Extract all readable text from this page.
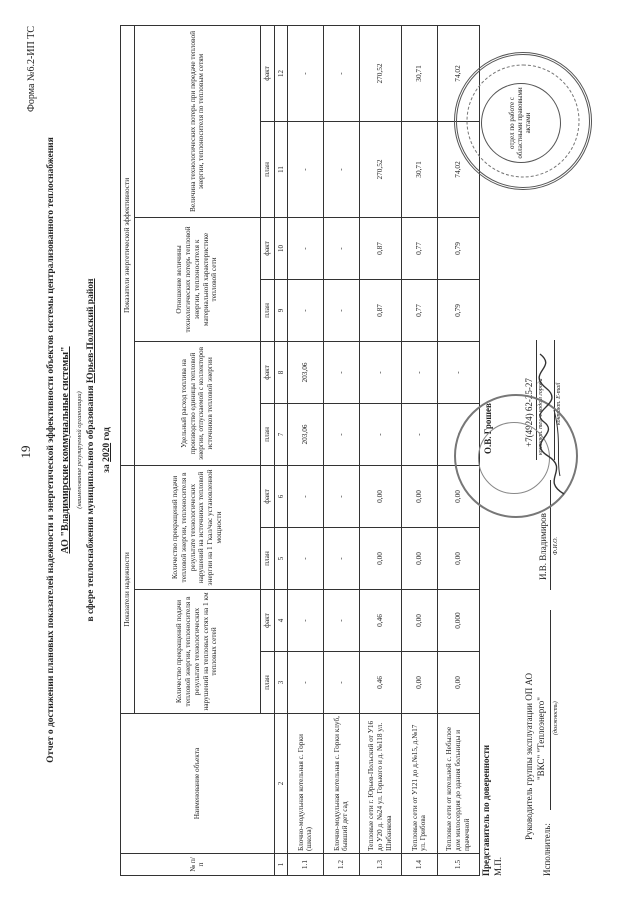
19
Форма №6.2-ИП ТС
Отчет о достижении плановых показателей надежности и энергетической эффективности объектов системы централизованного теплоснабжения АО "Владимирские коммунальные системы" (наименование регулируемой организации) в сфере теплоснабжения муниципального образования Юрьев-Польский район
за 2020 год
№ п/п	Наименование объекта	Показатели надежности				Показатели энергетической эффективности					
		Количество прекращений подачи тепловой энергии, теплоносителя в результате технологических нарушений на тепловых сетях на 1 км тепловых сетей		Количество прекращений подачи тепловой энергии, теплоносителя в результате технологических нарушений на источниках тепловой энергии на 1 Гкал/час установленной мощности		Удельный расход топлива на производство единицы тепловой энергии, отпускаемой с коллекторов источников тепловой энергии		Отношение величины технологических потерь тепловой энергии, теплоносителя к материальной характеристике тепловой сети		Величина технологических потерь при передаче тепловой энергии, теплоносителя по тепловым сетям	
		план	факт	план	факт	план	факт	план	факт	план	факт
1	2	3	4	5	6	7	8	9	10	11	12
1.1	Блочно-модульная котельная с. Горки (школа)	-	-	-	-	203,06	203,06	-	-	-	-
1.2	Блочно-модульная котельная с. Горки клуб, бывший дет сад	-	-	-	-	-	-	-	-	-	-
1.3	Тепловые сети г. Юрьев-Польский от У16 до У20 д. №24 ул. Горького и д. №118 ул. Шибанкова	0,46	0,46	0,00	0,00	-	-	0,87	0,87	270,52	270,52
1.4	Тепловые сети от У121 до д.№15, д.№17 ул. Грибова	0,00	0,00	0,00	0,00	-	-	0,77	0,77	30,71	30,71
1.5	Тепловые сети от котельной с. Небылое дом милосердия до здания больницы и прачечной	0,00	0,000	0,00	0,00	-	-	0,79	0,79	74,02	74,02
Представитель по доверенности М.П.
О.В. Грошев
Руководитель группы эксплуатации ОП АО
Исполнитель:
"ВКС" "Теплоэнерго" (должность)
И.В. Владимиров Ф.И.О.
+7(4924) 62-25-27 контакт. тел. с кодом города контакт. E-mail
отдел по работе с областными правовыми актами
